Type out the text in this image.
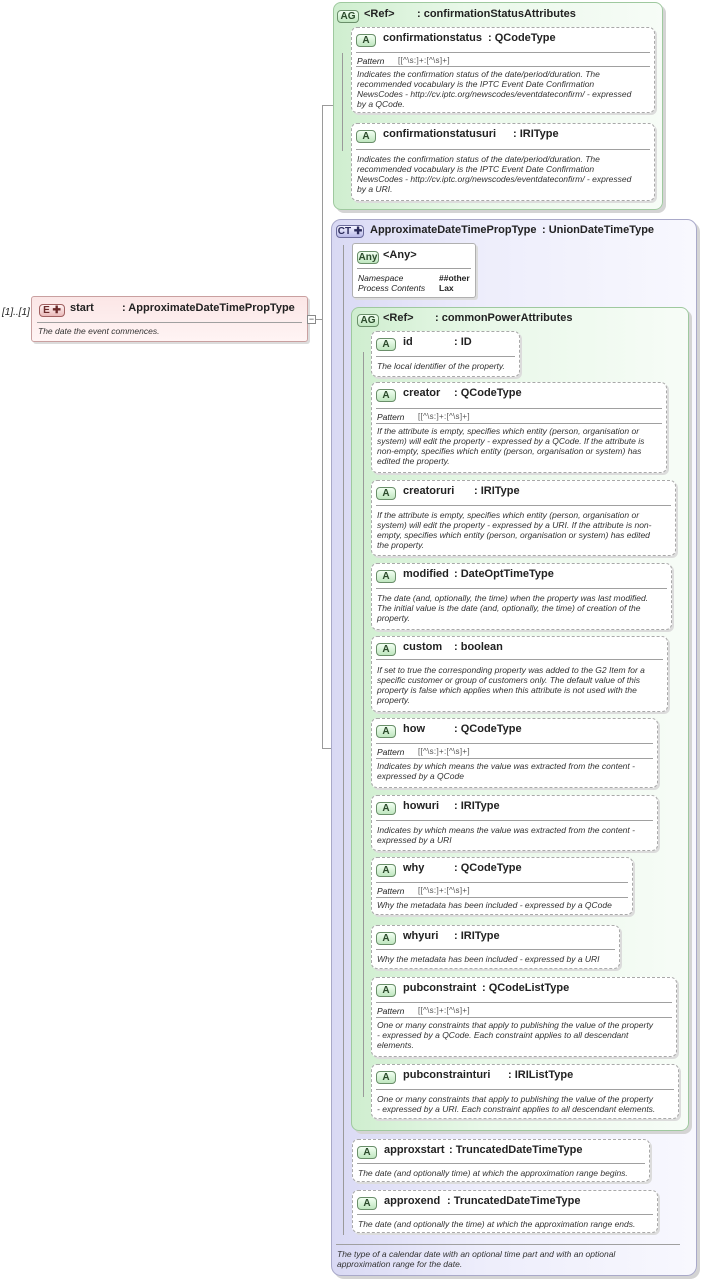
[1]..[1]	E ✚ start	: ApproximateDateTimePropType
The date the event commences.
−
AG <Ref> : confirmationStatusAttributes
A	confirmationstatus : QCodeType
Pattern [[^\s:]+:[^\s]+]
Indicates the confirmation status of the date/period/duration. The
recommended vocabulary is the IPTC Event Date Confirmation
NewsCodes - http://cv.iptc.org/newscodes/eventdateconfirm/ - expressed
by a QCode.
A	confirmationstatusuri : IRIType
Indicates the confirmation status of the date/period/duration. The
recommended vocabulary is the IPTC Event Date Confirmation
NewsCodes - http://cv.iptc.org/newscodes/eventdateconfirm/ - expressed
by a URI.
CT ✚ ApproximateDateTimePropType : UnionDateTimeType
The type of a calendar date with an optional time part and with an optional
approximation range for the date.
Any <Any>
Namespace	##other
Process Contents Lax
AG <Ref> : commonPowerAttributes
A	id	: ID
The local identifier of the property.
A	creator : QCodeType
Pattern [[^\s:]+:[^\s]+]
If the attribute is empty, specifies which entity (person, organisation or
system) will edit the property - expressed by a QCode. If the attribute is
non-empty, specifies which entity (person, organisation or system) has
edited the property.
A	creatoruri : IRIType
If the attribute is empty, specifies which entity (person, organisation or
system) will edit the property - expressed by a URI. If the attribute is non-
empty, specifies which entity (person, organisation or system) has edited
the property.
A	modified : DateOptTimeType
The date (and, optionally, the time) when the property was last modified.
The initial value is the date (and, optionally, the time) of creation of the
property.
A	custom : boolean
If set to true the corresponding property was added to the G2 Item for a
specific customer or group of customers only. The default value of this
property is false which applies when this attribute is not used with the
property.
A	how	: QCodeType
Pattern [[^\s:]+:[^\s]+]
Indicates by which means the value was extracted from the content -
expressed by a QCode
A	howuri : IRIType
Indicates by which means the value was extracted from the content -
expressed by a URI
A	why	: QCodeType
Pattern [[^\s:]+:[^\s]+]
Why the metadata has been included - expressed by a QCode
A	whyuri : IRIType
Why the metadata has been included - expressed by a URI
A	pubconstraint : QCodeListType
Pattern [[^\s:]+:[^\s]+]
One or many constraints that apply to publishing the value of the property
- expressed by a QCode. Each constraint applies to all descendant
elements.
A	pubconstrainturi : IRIListType
One or many constraints that apply to publishing the value of the property
- expressed by a URI. Each constraint applies to all descendant elements.
A	approxstart : TruncatedDateTimeType
The date (and optionally time) at which the approximation range begins.
A	approxend : TruncatedDateTimeType
The date (and optionally the time) at which the approximation range ends.
